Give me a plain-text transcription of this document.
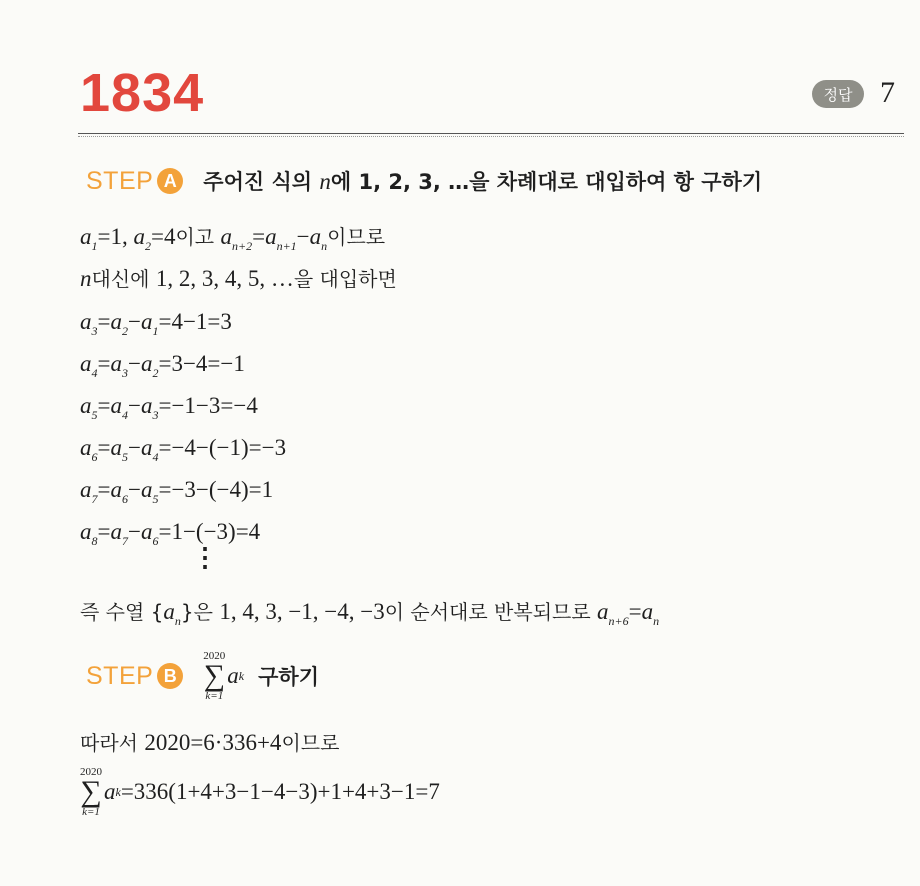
1834	정답 7
STEP A	주어진 식의 n에 1, 2, 3, …을 차례대로 대입하여 항 구하기
$a_1=1$, $a_2=4$이고 $a_{n+2}=a_{n+1}-a_n$이므로
n대신에 1, 2, 3, 4, 5, …을 대입하면
$a_3=a_2-a_1=4-1=3$
$a_4=a_3-a_2=3-4=-1$
$a_5=a_4-a_3=-1-3=-4$
$a_6=a_5-a_4=-4-(-1)=-3$
$a_7=a_6-a_5=-3-(-4)=1$
$a_8=a_7-a_6=1-(-3)=4$
⋮
즉 수열 $\{a_n\}$은 1, 4, 3, −1, −4, −3이 순서대로 반복되므로 $a_{n+6}=a_n$
STEP B
2020
∑
k=1
a k 구하기
따라서 2020=6·336+4이므로
2020
∑
k=1
a k =336(1+4+3−1−4−3)+1+4+3−1=7
